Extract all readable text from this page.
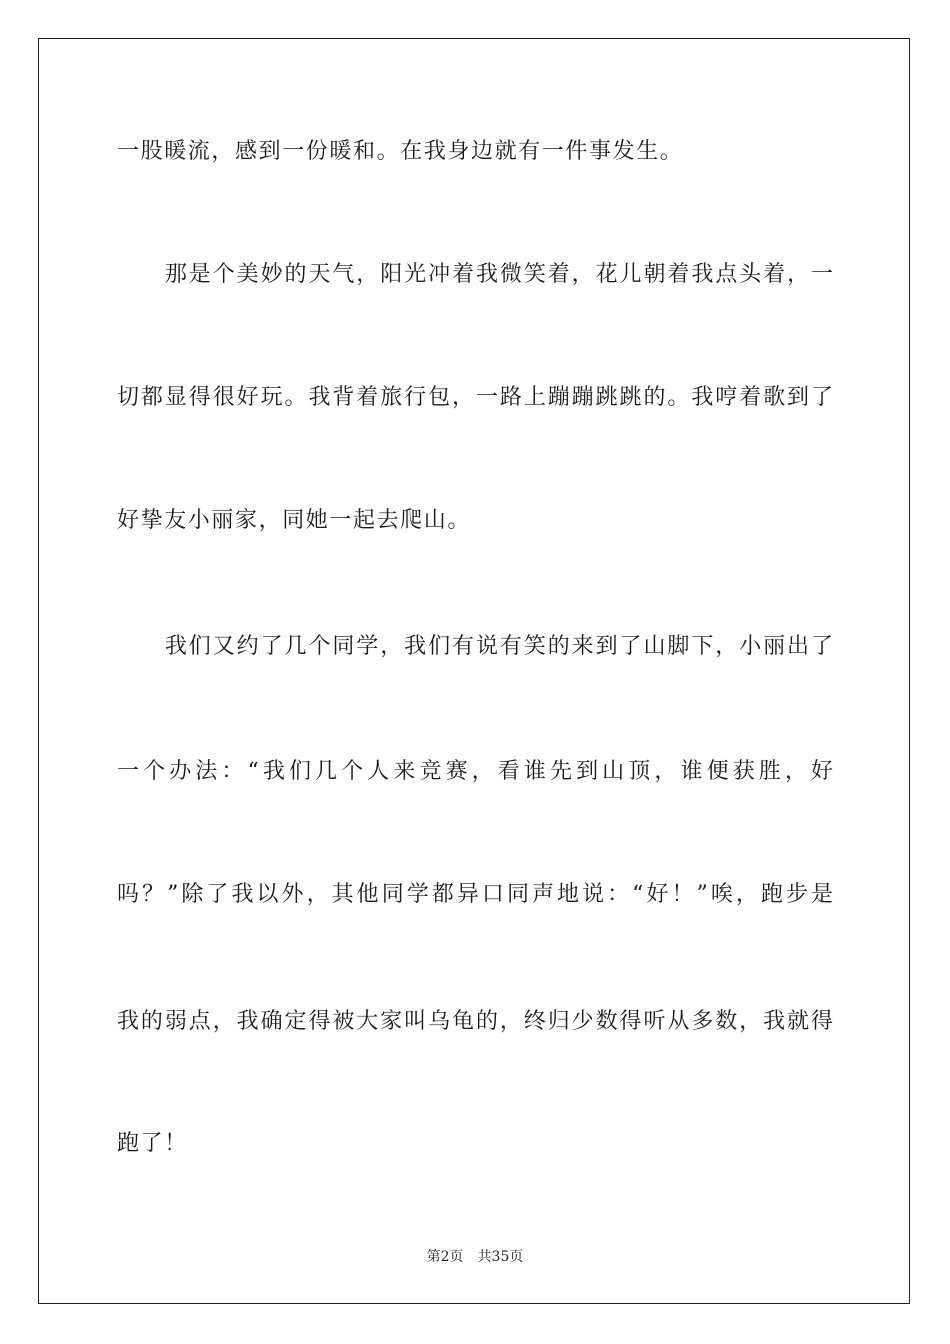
一股暖流，感到一份暖和。在我身边就有一件事发生。
　　那是个美妙的天气，阳光冲着我微笑着，花儿朝着我点头着，一
切都显得很好玩。我背着旅行包，一路上蹦蹦跳跳的。我哼着歌到了
好挚友小丽家，同她一起去爬山。
　　我们又约了几个同学，我们有说有笑的来到了山脚下，小丽出了
一个办法：“我们几个人来竞赛，看谁先到山顶，谁便获胜，好
吗？”除了我以外，其他同学都异口同声地说：“好！”唉，跑步是
我的弱点，我确定得被大家叫乌龟的，终归少数得听从多数，我就得
跑了！
第2页　共35页
